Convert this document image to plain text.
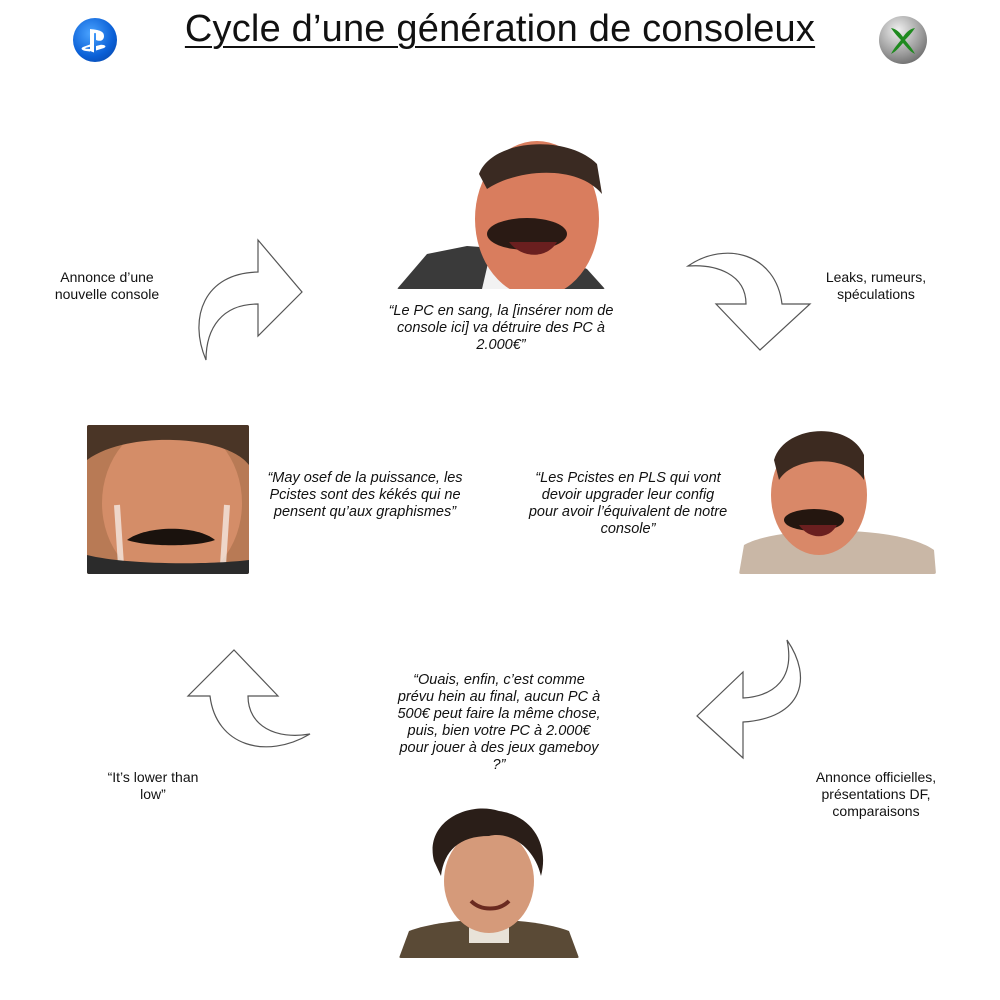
Cycle d’une génération de consoleux
Annonce d’une nouvelle console
Leaks, rumeurs, spéculations
Annonce officielles, présentations DF, comparaisons
“It’s lower than low”
“Le PC en sang, la [insérer nom de console ici] va détruire des PC à 2.000€”
“May osef de la puissance, les Pcistes sont des kékés qui ne pensent qu’aux graphismes”
“Les Pcistes en PLS qui vont devoir upgrader leur config pour avoir l’équivalent de notre console”
“Ouais, enfin, c’est comme prévu hein au final, aucun PC à 500€ peut faire la même chose, puis, bien votre PC à 2.000€ pour jouer à des jeux gameboy ?”
